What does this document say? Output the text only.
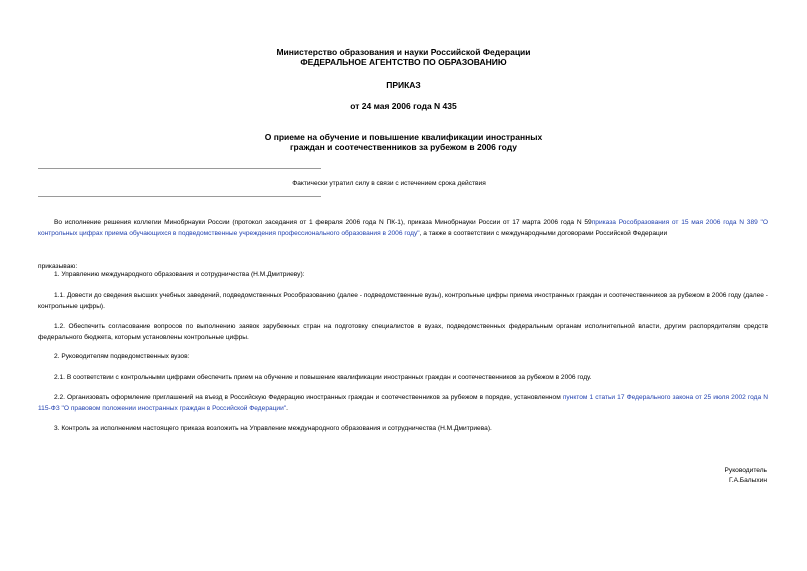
Министерство образования и науки Российской Федерации
ФЕДЕРАЛЬНОЕ АГЕНТСТВО ПО ОБРАЗОВАНИЮ
ПРИКАЗ
от 24 мая 2006 года N 435
О приеме на обучение и повышение квалификации иностранных
граждан и соотечественников за рубежом в 2006 году
Фактически утратил силу в связи с истечением срока действия
Во исполнение решения коллегии Минобрнауки России (протокол заседания от 1 февраля 2006 года N ПК-1), приказа Минобрнауки России от 17 марта 2006 года N 59приказа Рособразования от 15 мая 2006 года N 389 "О контрольных цифрах приема обучающихся в подведомственные учреждения профессионального образования в 2006 году", а также в соответствии с международными договорами Российской Федерации
приказываю:
1. Управлению международного образования и сотрудничества (Н.М.Дмитриеву):
1.1. Довести до сведения высших учебных заведений, подведомственных Рособразованию (далее - подведомственные вузы), контрольные цифры приема иностранных граждан и соотечественников за рубежом в 2006 году (далее - контрольные цифры).
1.2. Обеспечить согласование вопросов по выполнению заявок зарубежных стран на подготовку специалистов в вузах, подведомственных федеральным органам исполнительной власти, другим распорядителям средств федерального бюджета, которым установлены контрольные цифры.
2. Руководителям подведомственных вузов:
2.1. В соответствии с контрольными цифрами обеспечить прием на обучение и повышение квалификации иностранных граждан и соотечественников за рубежом в 2006 году.
2.2. Организовать оформление приглашений на въезд в Российскую Федерацию иностранных граждан и соотечественников за рубежом в порядке, установленном пунктом 1 статьи 17 Федерального закона от 25 июля 2002 года N 115-ФЗ "О правовом положении иностранных граждан в Российской Федерации".
3. Контроль за исполнением настоящего приказа возложить на Управление международного образования и сотрудничества (Н.М.Дмитриева).
Руководитель
Г.А.Балыхин
